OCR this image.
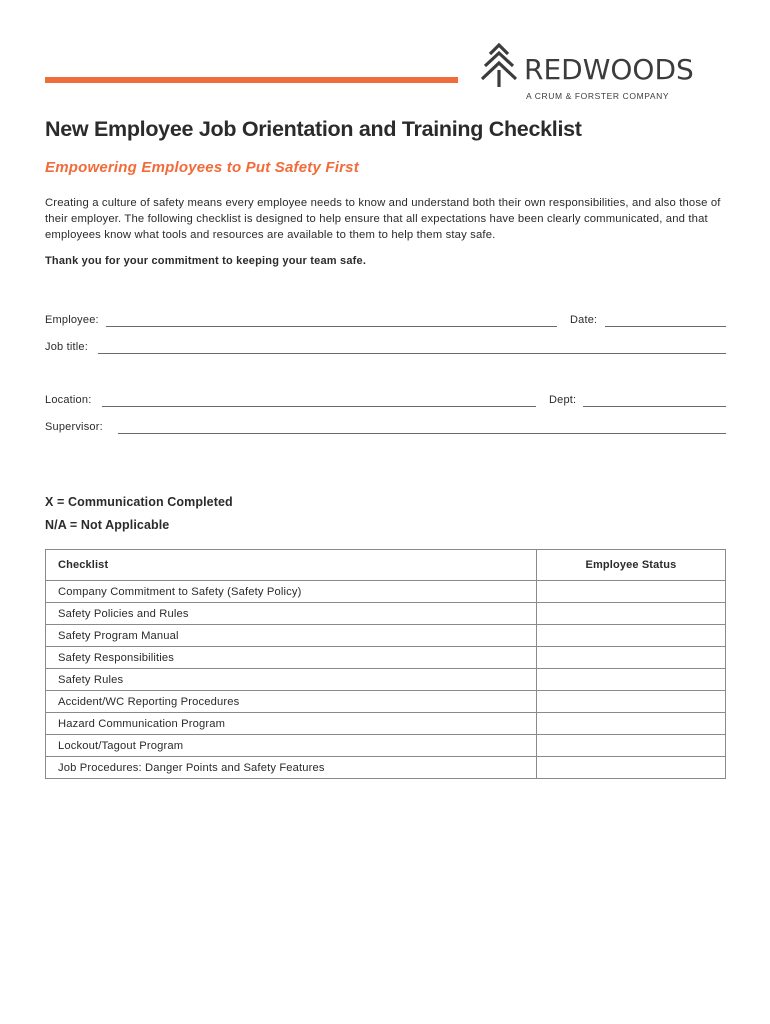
REDWOODS
A CRUM & FORSTER COMPANY
New Employee Job Orientation and Training Checklist
Empowering Employees to Put Safety First
Creating a culture of safety means every employee needs to know and understand both their own responsibilities, and also those of their employer. The following checklist is designed to help ensure that all expectations have been clearly communicated, and that employees know what tools and resources are available to them to help them stay safe.
Thank you for your commitment to keeping your team safe.
Employee:	Date:
Job title:
Location:	Dept:
Supervisor:
X = Communication Completed
N/A = Not Applicable
Checklist	Employee Status
Company Commitment to Safety (Safety Policy)	
Safety Policies and Rules	
Safety Program Manual	
Safety Responsibilities	
Safety Rules	
Accident/WC Reporting Procedures	
Hazard Communication Program	
Lockout/Tagout Program	
Job Procedures: Danger Points and Safety Features	
